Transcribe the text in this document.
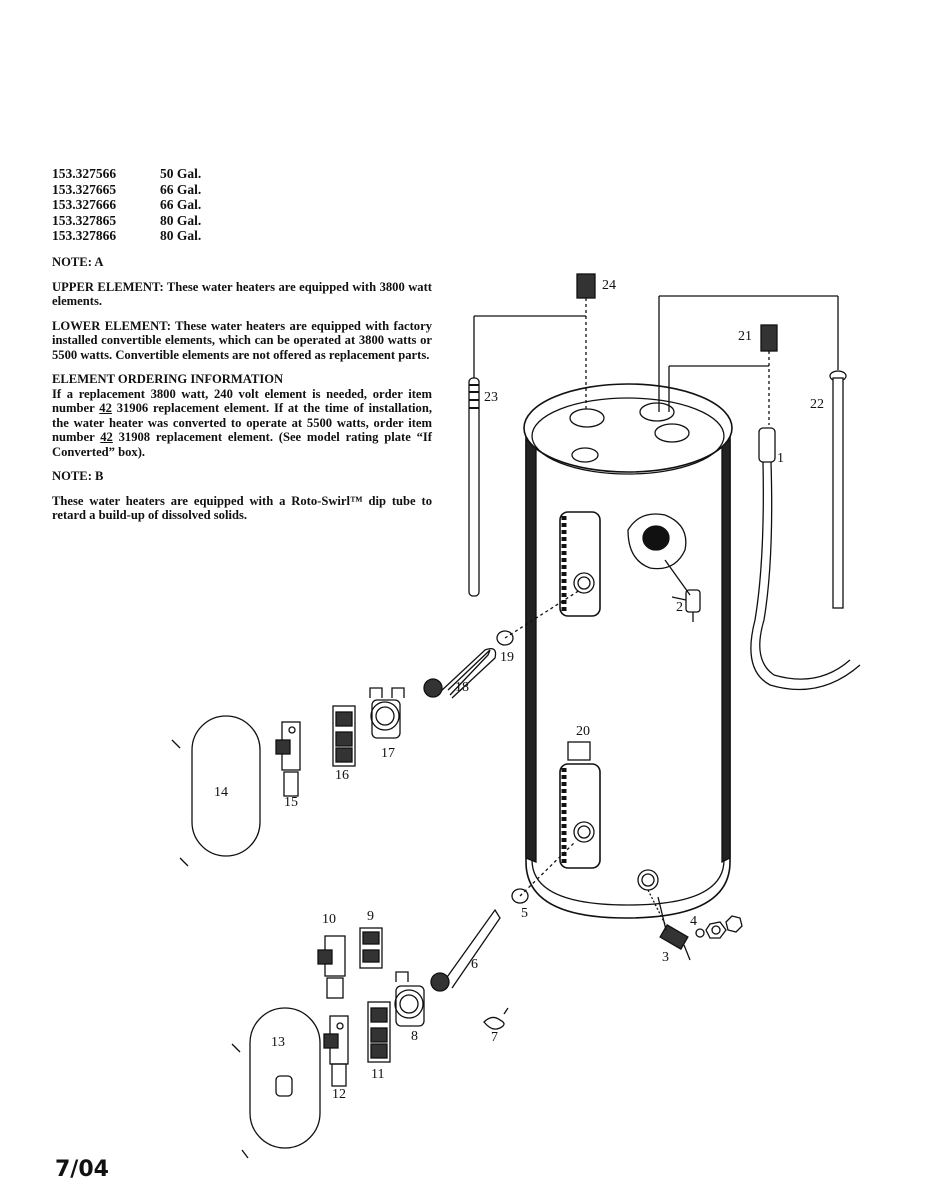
153.327566	50 Gal.
153.327665	66 Gal.
153.327666	66 Gal.
153.327865	80 Gal.
153.327866	80 Gal.

NOTE: A

UPPER ELEMENT: These water heaters are equipped with 3800 watt elements.

LOWER ELEMENT: These water heaters are equipped with factory installed convertible elements, which can be operated at 3800 watts or 5500 watts. Convertible elements are not offered as replacement parts.

ELEMENT ORDERING INFORMATION

If a replacement 3800 watt, 240 volt element is needed, order item number 42 31906 replacement element. If at the time of installation, the water heater was converted to operate at 5500 watts, order item number 42 31908 replacement element. (See model rating plate “If Converted” box).

NOTE: B

These water heaters are equipped with a Roto-Swirl™ dip tube to retard a build-up of dissolved solids.

24
23
21
22
1
2
19
18
17
16
20
14
15
10 9	5
4
3
6
8	7
13
11
12
7/04
